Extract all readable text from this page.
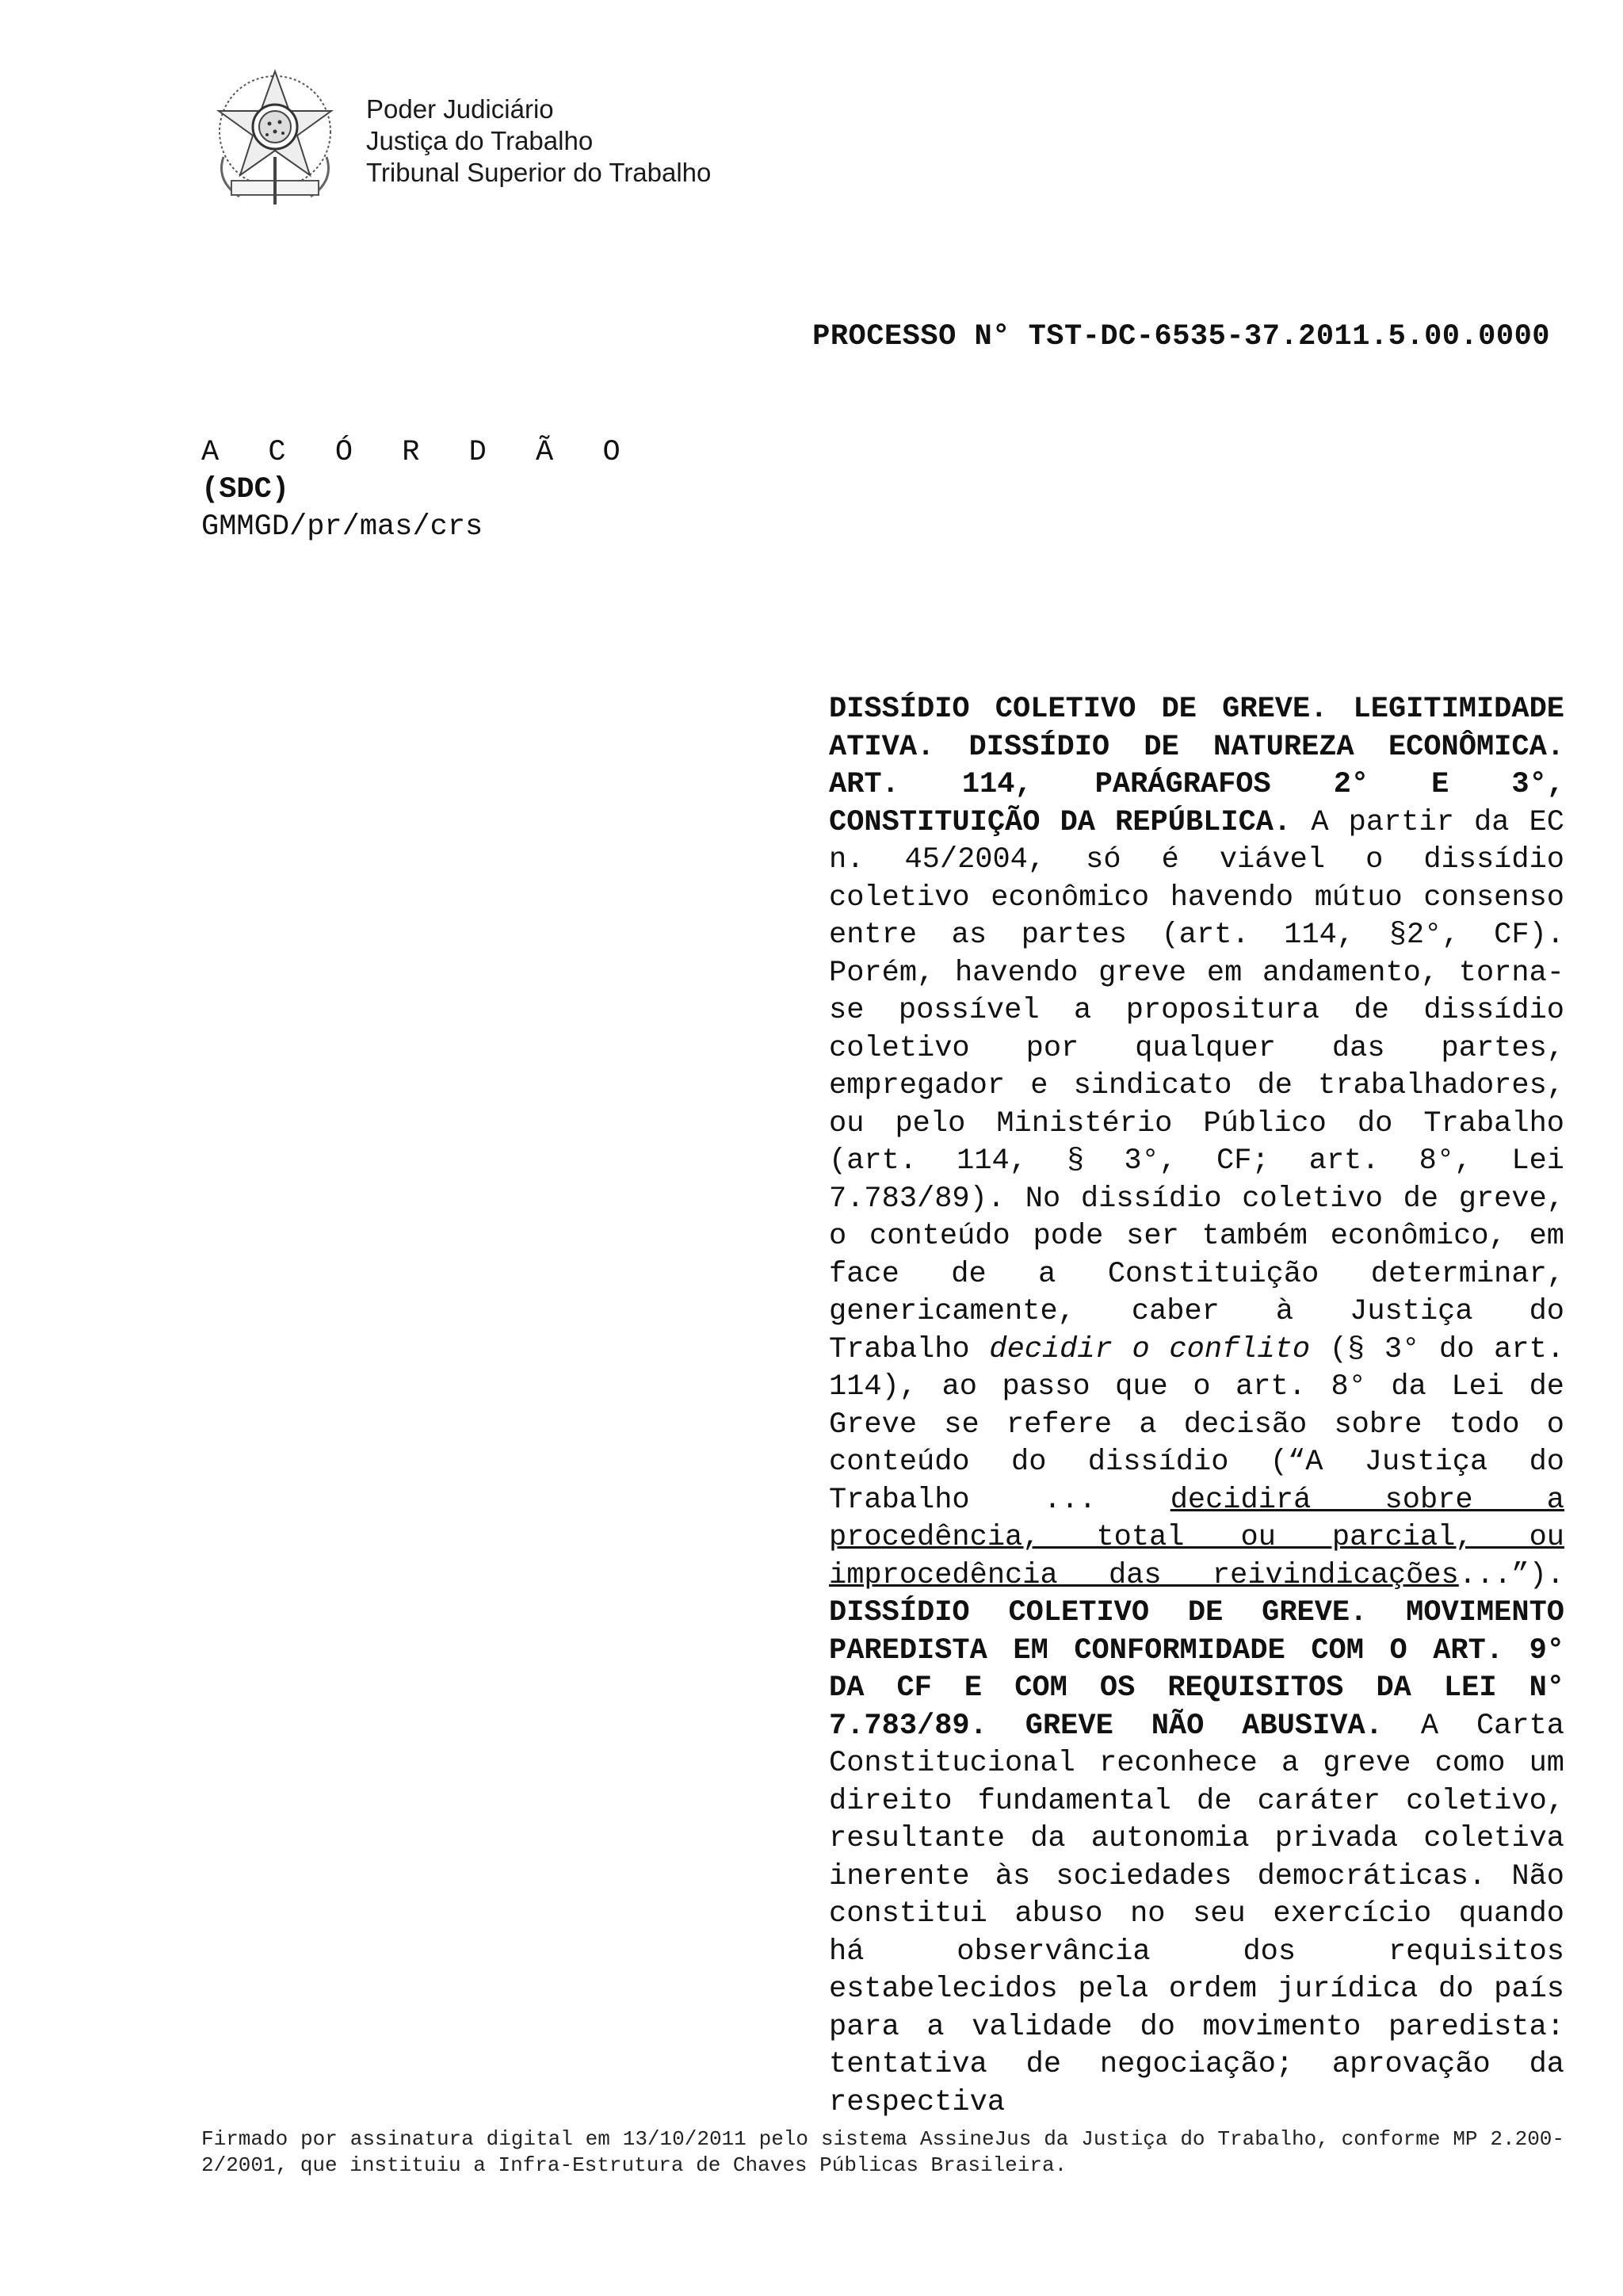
Poder Judiciário
Justiça do Trabalho
Tribunal Superior do Trabalho
PROCESSO N° TST-DC-6535-37.2011.5.00.0000
A C Ó R D Ã O
(SDC)
GMMGD/pr/mas/crs
DISSÍDIO COLETIVO DE GREVE. LEGITIMIDADE ATIVA. DISSÍDIO DE NATUREZA ECONÔMICA. ART. 114, PARÁGRAFOS 2° E 3°, CONSTITUIÇÃO DA REPÚBLICA. A partir da EC n. 45/2004, só é viável o dissídio coletivo econômico havendo mútuo consenso entre as partes (art. 114, §2°, CF). Porém, havendo greve em andamento, torna-se possível a propositura de dissídio coletivo por qualquer das partes, empregador e sindicato de trabalhadores, ou pelo Ministério Público do Trabalho (art. 114, § 3°, CF; art. 8°, Lei 7.783/89). No dissídio coletivo de greve, o conteúdo pode ser também econômico, em face de a Constituição determinar, genericamente, caber à Justiça do Trabalho decidir o conflito (§ 3° do art. 114), ao passo que o art. 8° da Lei de Greve se refere a decisão sobre todo o conteúdo do dissídio (“A Justiça do Trabalho ... decidirá sobre a procedência, total ou parcial, ou improcedência das reivindicações...”). DISSÍDIO COLETIVO DE GREVE. MOVIMENTO PAREDISTA EM CONFORMIDADE COM O ART. 9° DA CF E COM OS REQUISITOS DA LEI N° 7.783/89. GREVE NÃO ABUSIVA. A Carta Constitucional reconhece a greve como um direito fundamental de caráter coletivo, resultante da autonomia privada coletiva inerente às sociedades democráticas. Não constitui abuso no seu exercício quando há observância dos requisitos estabelecidos pela ordem jurídica do país para a validade do movimento paredista: tentativa de negociação; aprovação da respectiva
Firmado por assinatura digital em 13/10/2011 pelo sistema AssineJus da Justiça do Trabalho, conforme MP 2.200-2/2001, que instituiu a Infra-Estrutura de Chaves Públicas Brasileira.
